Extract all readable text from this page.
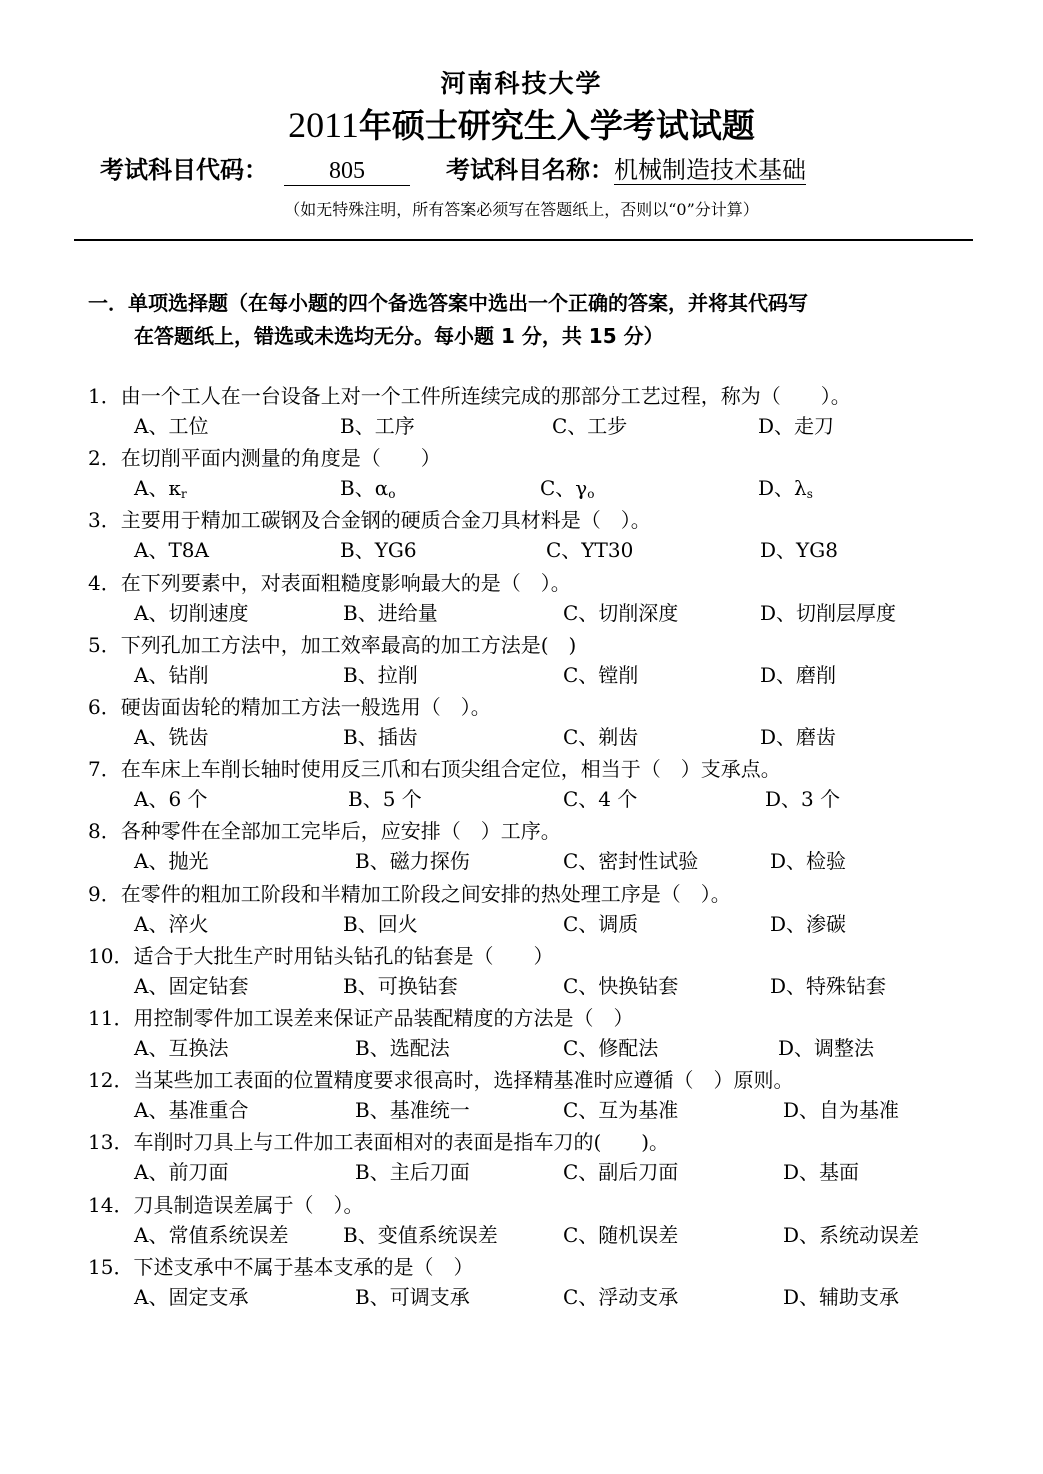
河南科技大学
2011年硕士研究生入学考试试题
考试科目代码：	805	考试科目名称：机械制造技术基础
（如无特殊注明，所有答案必须写在答题纸上，否则以“0”分计算）
一．单项选择题（在每小题的四个备选答案中选出一个正确的答案，并将其代码写
在答题纸上，错选或未选均无分。每小题 1 分，共 15 分）
1．由一个工人在一台设备上对一个工件所连续完成的那部分工艺过程，称为（　　）。
A、工位	B、工序	C、工步	D、走刀
2．在切削平面内测量的角度是（　　）
A、$\kappa_r$	B、$\alpha_o$	C、$\gamma_o$	D、$\lambda_s$
3．主要用于精加工碳钢及合金钢的硬质合金刀具材料是（　）。
A、T8A	B、YG6	C、YT30	D、YG8
4．在下列要素中，对表面粗糙度影响最大的是（　）。
A、切削速度	B、进给量	C、切削深度	D、切削层厚度
5．下列孔加工方法中，加工效率最高的加工方法是(　)
A、钻削	B、拉削	C、镗削	D、磨削
6．硬齿面齿轮的精加工方法一般选用（　）。
A、铣齿	B、插齿	C、剃齿	D、磨齿
7．在车床上车削长轴时使用反三爪和右顶尖组合定位，相当于（　）支承点。
A、6 个	B、5 个	C、4 个	D、3 个
8．各种零件在全部加工完毕后，应安排（　）工序。
A、抛光	B、磁力探伤	C、密封性试验	D、检验
9．在零件的粗加工阶段和半精加工阶段之间安排的热处理工序是（　）。
A、淬火	B、回火	C、调质	D、渗碳
10．适合于大批生产时用钻头钻孔的钻套是（　　）
A、固定钻套	B、可换钻套	C、快换钻套	D、特殊钻套
11．用控制零件加工误差来保证产品装配精度的方法是（　）
A、互换法	B、选配法	C、修配法	D、调整法
12．当某些加工表面的位置精度要求很高时，选择精基准时应遵循（　）原则。
A、基准重合	B、基准统一	C、互为基准	D、自为基准
13．车削时刀具上与工件加工表面相对的表面是指车刀的(　　)。
A、前刀面	B、主后刀面	C、副后刀面	D、基面
14．刀具制造误差属于（　）。
A、常值系统误差	B、变值系统误差	C、随机误差	D、系统动误差
15．下述支承中不属于基本支承的是（　）
A、固定支承	B、可调支承	C、浮动支承	D、辅助支承
